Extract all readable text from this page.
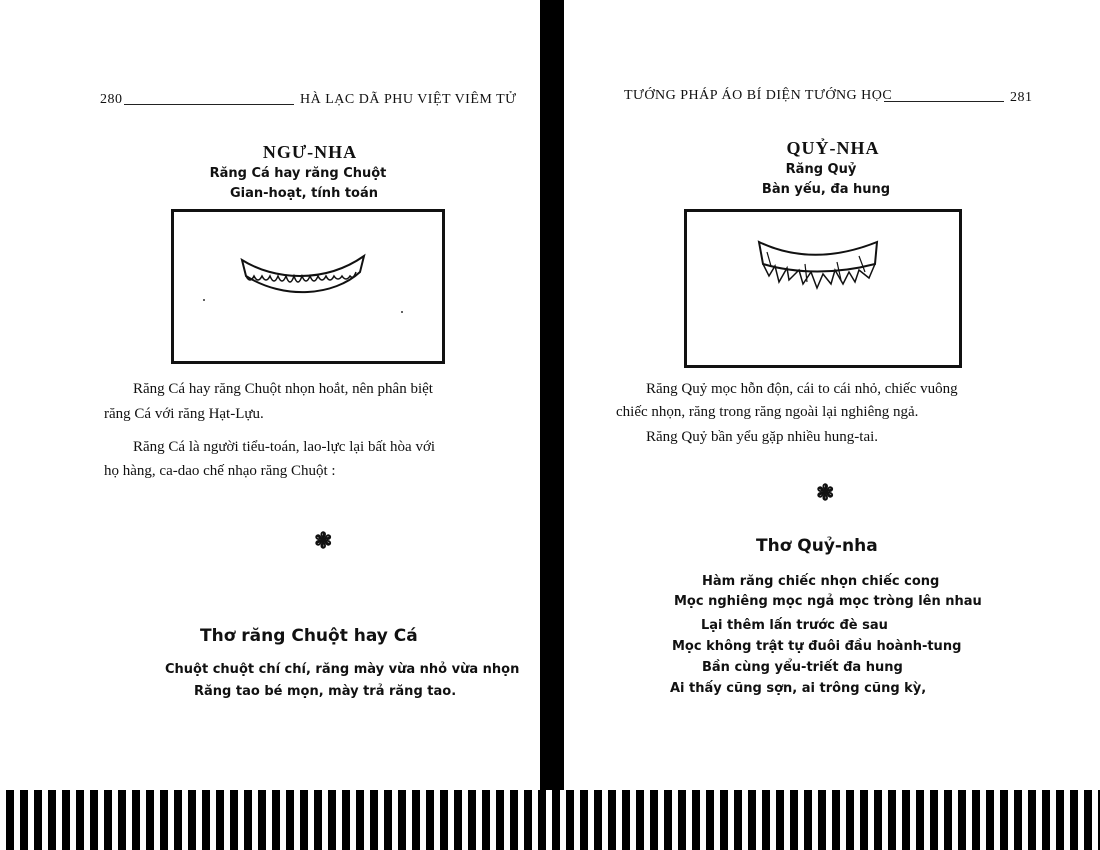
280	HÀ LẠC DÃ PHU VIỆT VIÊM TỬ
NGƯ-NHA
Răng Cá hay răng Chuột
Gian-hoạt, tính toán
Răng Cá hay răng Chuột nhọn hoắt, nên phân biệt
răng Cá với răng Hạt-Lựu.
Răng Cá là người tiểu-toán, lao-lực lại bất hòa với
họ hàng, ca-dao chế nhạo răng Chuột :
❃
Thơ răng Chuột hay Cá
Chuột chuột chí chí, răng mày vừa nhỏ vừa nhọn
Răng tao bé mọn, mày trả răng tao.
TƯỚNG PHÁP ÁO BÍ DIỆN TƯỚNG HỌC	281
QUỶ-NHA
Răng Quỷ
Bàn yếu, đa hung
Răng Quỷ mọc hỗn độn, cái to cái nhỏ, chiếc vuông
chiếc nhọn, răng trong răng ngoài lại nghiêng ngả.
Răng Quỷ bần yểu gặp nhiều hung-tai.
❃
Thơ Quỷ-nha
Hàm răng chiếc nhọn chiếc cong
Mọc nghiêng mọc ngả mọc tròng lên nhau
Lại thêm lấn trước đè sau
Mọc không trật tự đuôi đầu hoành-tung
Bần cùng yểu-triết đa hung
Ai thấy cũng sợn, ai trông cũng kỳ,
